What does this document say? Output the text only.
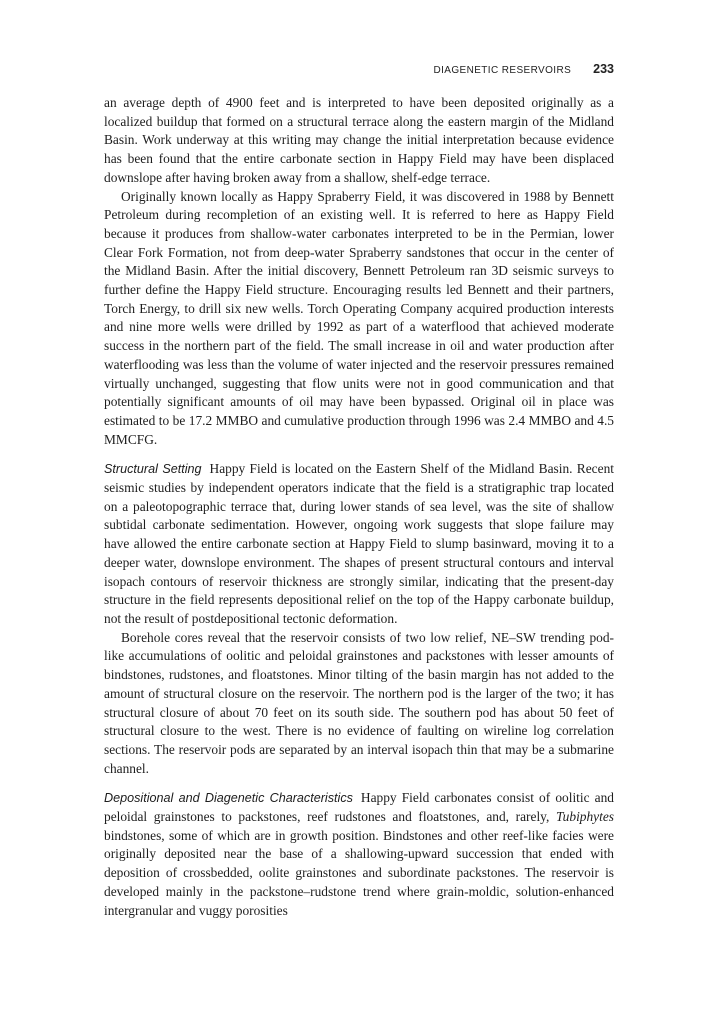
DIAGENETIC RESERVOIRS 233

an average depth of 4900 feet and is interpreted to have been deposited originally as a localized buildup that formed on a structural terrace along the eastern margin of the Midland Basin. Work underway at this writing may change the initial interpretation because evidence has been found that the entire carbonate section in Happy Field may have been displaced downslope after having broken away from a shallow, shelf-edge terrace.

Originally known locally as Happy Spraberry Field, it was discovered in 1988 by Bennett Petroleum during recompletion of an existing well. It is referred to here as Happy Field because it produces from shallow-water carbonates interpreted to be in the Permian, lower Clear Fork Formation, not from deep-water Spraberry sandstones that occur in the center of the Midland Basin. After the initial discovery, Bennett Petroleum ran 3D seismic surveys to further define the Happy Field structure. Encouraging results led Bennett and their partners, Torch Energy, to drill six new wells. Torch Operating Company acquired production interests and nine more wells were drilled by 1992 as part of a waterflood that achieved moderate success in the northern part of the field. The small increase in oil and water production after waterflooding was less than the volume of water injected and the reservoir pressures remained virtually unchanged, suggesting that flow units were not in good communication and that potentially significant amounts of oil may have been bypassed. Original oil in place was estimated to be 17.2 MMBO and cumulative production through 1996 was 2.4 MMBO and 4.5 MMCFG.

Structural Setting Happy Field is located on the Eastern Shelf of the Midland Basin. Recent seismic studies by independent operators indicate that the field is a stratigraphic trap located on a paleotopographic terrace that, during lower stands of sea level, was the site of shallow subtidal carbonate sedimentation. However, ongoing work suggests that slope failure may have allowed the entire carbonate section at Happy Field to slump basinward, moving it to a deeper water, downslope environment. The shapes of present structural contours and interval isopach contours of reservoir thickness are strongly similar, indicating that the present-day structure in the field represents depositional relief on the top of the Happy carbonate buildup, not the result of postdepositional tectonic deformation.

Borehole cores reveal that the reservoir consists of two low relief, NE–SW trending pod-like accumulations of oolitic and peloidal grainstones and packstones with lesser amounts of bindstones, rudstones, and floatstones. Minor tilting of the basin margin has not added to the amount of structural closure on the reservoir. The northern pod is the larger of the two; it has structural closure of about 70 feet on its south side. The southern pod has about 50 feet of structural closure to the west. There is no evidence of faulting on wireline log correlation sections. The reservoir pods are separated by an interval isopach thin that may be a submarine channel.

Depositional and Diagenetic Characteristics Happy Field carbonates consist of oolitic and peloidal grainstones to packstones, reef rudstones and floatstones, and, rarely, Tubiphytes bindstones, some of which are in growth position. Bindstones and other reef-like facies were originally deposited near the base of a shallowing-upward succession that ended with deposition of crossbedded, oolite grainstones and subordinate packstones. The reservoir is developed mainly in the packstone–rudstone trend where grain-moldic, solution-enhanced intergranular and vuggy porosities
